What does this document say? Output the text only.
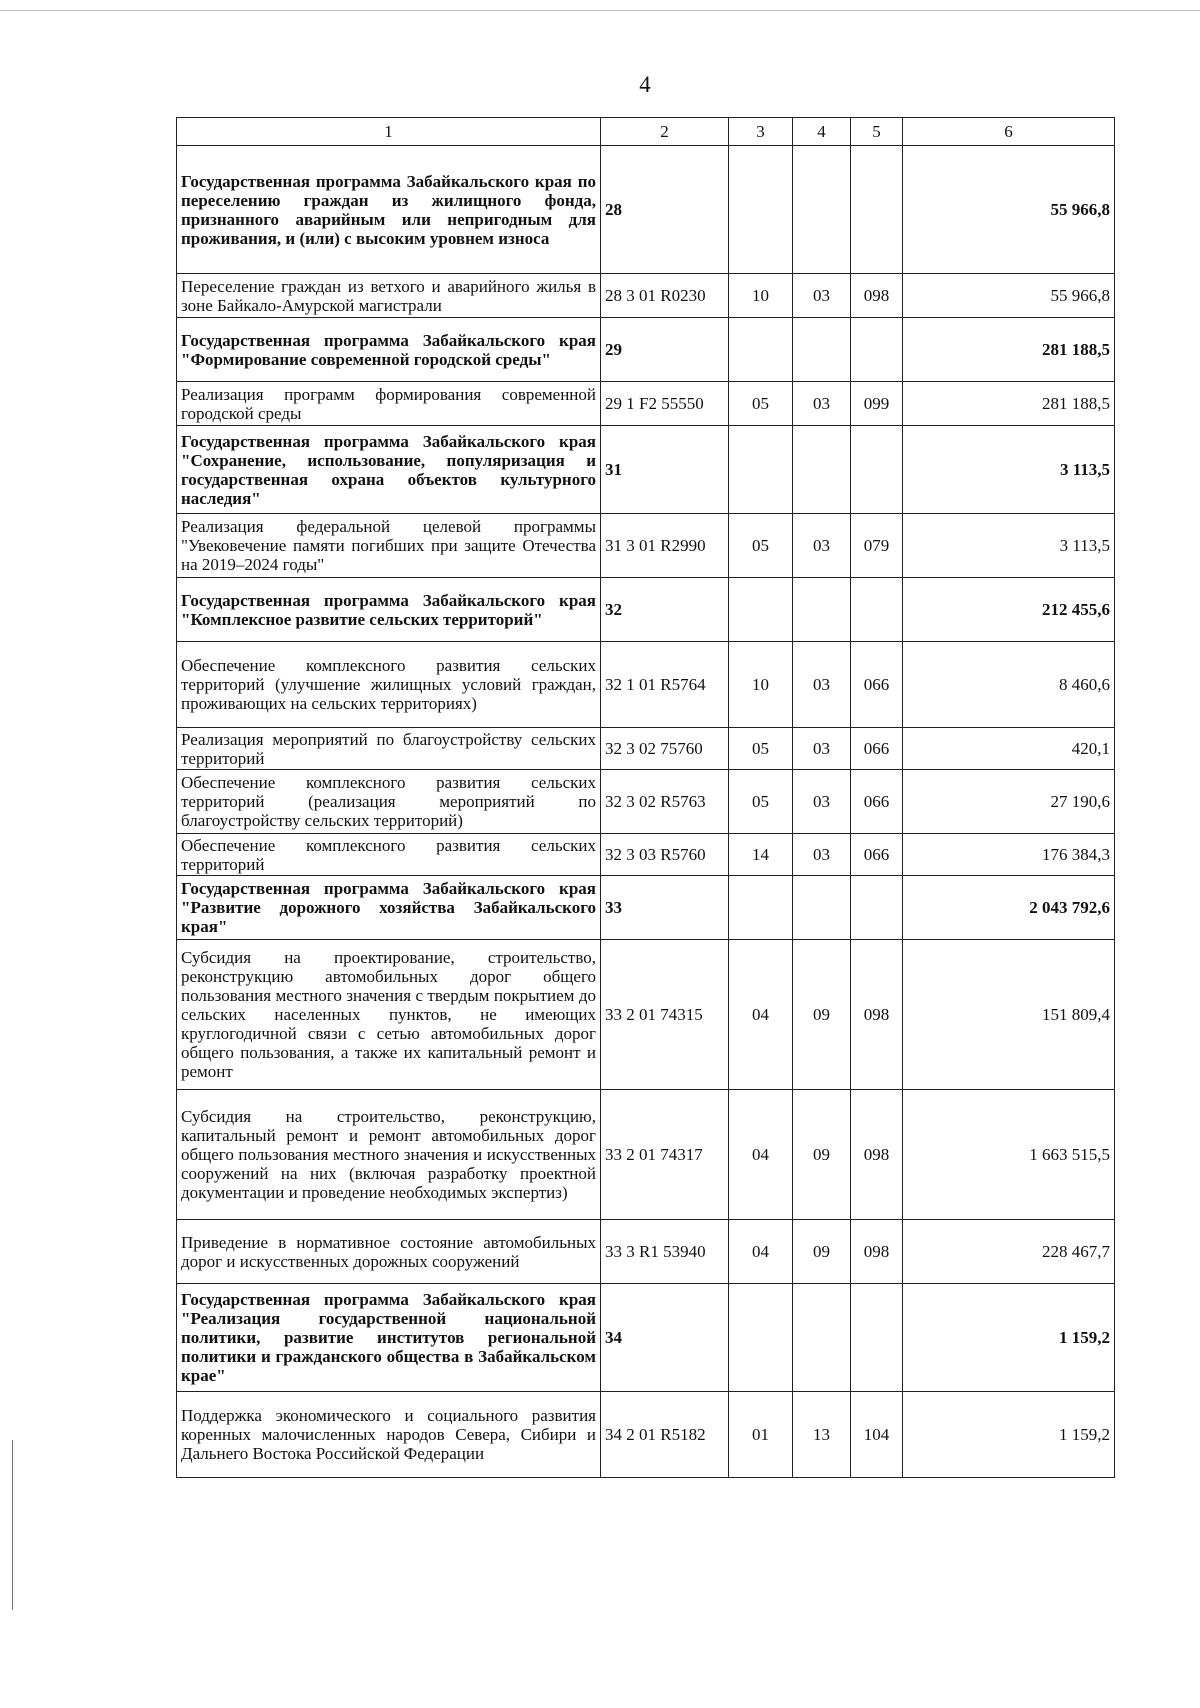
4
1	2	3	4	5	6
Государственная программа Забайкальского края по переселению граждан из жилищного фонда, признанного аварийным или непригодным для проживания, и (или) с высоким уровнем износа	28				55 966,8
Переселение граждан из ветхого и аварийного жилья в зоне Байкало-Амурской магистрали	28 3 01 R0230	10	03	098	55 966,8
Государственная программа Забайкальского края "Формирование современной городской среды"	29				281 188,5
Реализация программ формирования современной городской среды	29 1 F2 55550	05	03	099	281 188,5
Государственная программа Забайкальского края "Сохранение, использование, популяризация и государственная охрана объектов культурного наследия"	31				3 113,5
Реализация федеральной целевой программы "Увековечение памяти погибших при защите Отечества на 2019–2024 годы"	31 3 01 R2990	05	03	079	3 113,5
Государственная программа Забайкальского края "Комплексное развитие сельских территорий"	32				212 455,6
Обеспечение комплексного развития сельских территорий (улучшение жилищных условий граждан, проживающих на сельских территориях)	32 1 01 R5764	10	03	066	8 460,6
Реализация мероприятий по благоустройству сельских территорий	32 3 02 75760	05	03	066	420,1
Обеспечение комплексного развития сельских территорий (реализация мероприятий по благоустройству сельских территорий)	32 3 02 R5763	05	03	066	27 190,6
Обеспечение комплексного развития сельских территорий	32 3 03 R5760	14	03	066	176 384,3
Государственная программа Забайкальского края "Развитие дорожного хозяйства Забайкальского края"	33				2 043 792,6
Субсидия на проектирование, строительство, реконструкцию автомобильных дорог общего пользования местного значения с твердым покрытием до сельских населенных пунктов, не имеющих круглогодичной связи с сетью автомобильных дорог общего пользования, а также их капитальный ремонт и ремонт	33 2 01 74315	04	09	098	151 809,4
Субсидия на строительство, реконструкцию, капитальный ремонт и ремонт автомобильных дорог общего пользования местного значения и искусственных сооружений на них (включая разработку проектной документации и проведение необходимых экспертиз)	33 2 01 74317	04	09	098	1 663 515,5
Приведение в нормативное состояние автомобильных дорог и искусственных дорожных сооружений	33 3 R1 53940	04	09	098	228 467,7
Государственная программа Забайкальского края "Реализация государственной национальной политики, развитие институтов региональной политики и гражданского общества в Забайкальском крае"	34				1 159,2
Поддержка экономического и социального развития коренных малочисленных народов Севера, Сибири и Дальнего Востока Российской Федерации	34 2 01 R5182	01	13	104	1 159,2
